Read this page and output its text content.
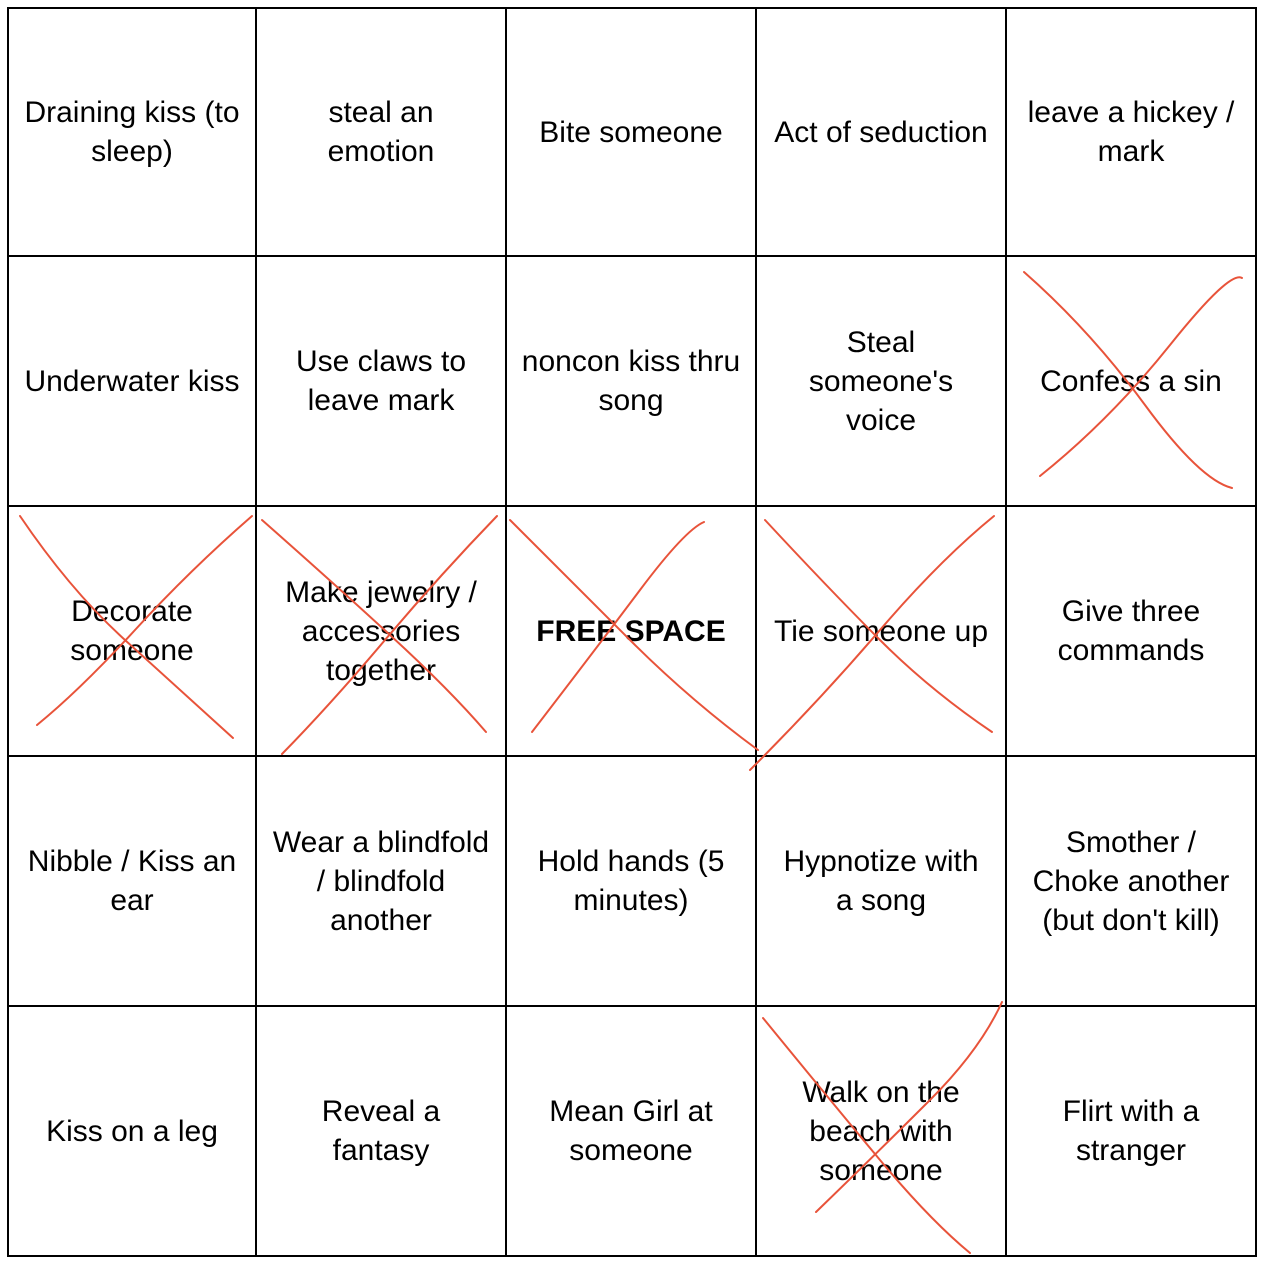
Draining kiss (to sleep)
steal an emotion
Bite someone Act of seduction
leave a hickey / mark
Underwater kiss
Use claws to leave mark
noncon kiss thru song
Steal someone's voice
Confess a sin
Decorate someone
Make jewelry / accessories together
FREE SPACE Tie someone up
Give three commands
Nibble / Kiss an ear
Wear a blindfold / blindfold another
Hold hands (5 minutes)
Hypnotize with a song
Smother / Choke another (but don't kill)
Kiss on a leg
Reveal a fantasy
Mean Girl at someone
Walk on the beach with someone
Flirt with a stranger
